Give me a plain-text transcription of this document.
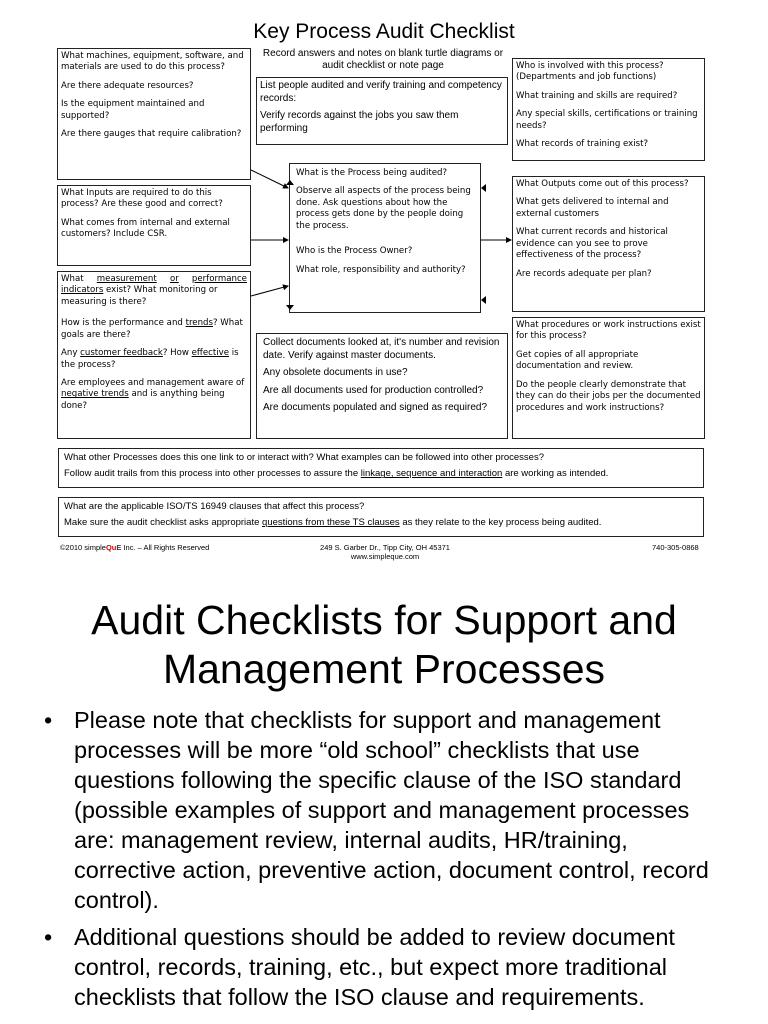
Key Process Audit Checklist
Record answers and notes on blank turtle diagrams or audit checklist or note page

What machines, equipment, software, and materials are used to do this process?

Are there adequate resources?

Is the equipment maintained and supported?

Are there gauges that require calibration?

List people audited and verify training and competency records:

Verify records against the jobs you saw them performing

Who is involved with this process? (Departments and job functions)

What training and skills are required?

Any special skills, certifications or training needs?

What records of training exist?

What is the Process being audited?

Observe all aspects of the process being done. Ask questions about how the process gets done by the people doing the process.

Who is the Process Owner?

What role, responsibility and authority?

What Inputs are required to do this process? Are these good and correct?

What comes from internal and external customers? Include CSR.

What Outputs come out of this process?

What gets delivered to internal and external customers

What current records and historical evidence can you see to prove effectiveness of the process?

Are records adequate per plan?

What measurement or performance

indicators exist? What monitoring or measuring is there?

How is the performance and trends? What goals are there?

Any customer feedback? How effective is the process?

Are employees and management aware of negative trends and is anything being done?

Collect documents looked at, it's number and revision date. Verify against master documents.

Any obsolete documents in use?

Are all documents used for production controlled?

Are documents populated and signed as required?

What procedures or work instructions exist for this process?

Get copies of all appropriate documentation and review.

Do the people clearly demonstrate that they can do their jobs per the documented procedures and work instructions?

What other Processes does this one link to or interact with? What examples can be followed into other processes?

Follow audit trails from this process into other processes to assure the linkage, sequence and interaction are working as intended.

What are the applicable ISO/TS 16949 clauses that affect this process?

Make sure the audit checklist asks appropriate questions from these TS clauses as they relate to the key process being audited.

©2010 simpleQuE Inc. – All Rights Reserved	249 S. Garber Dr., Tipp City, OH 45371
www.simpleque.com
740-305-0868
Audit Checklists for Support and Management Processes
• Please note that checklists for support and management processes will be more “old school” checklists that use questions following the specific clause of the ISO standard (possible examples of support and management processes are: management review, internal audits, HR/training, corrective action, preventive action, document control, record control).
• Additional questions should be added to review document control, records, training, etc., but expect more traditional checklists that follow the ISO clause and requirements.
